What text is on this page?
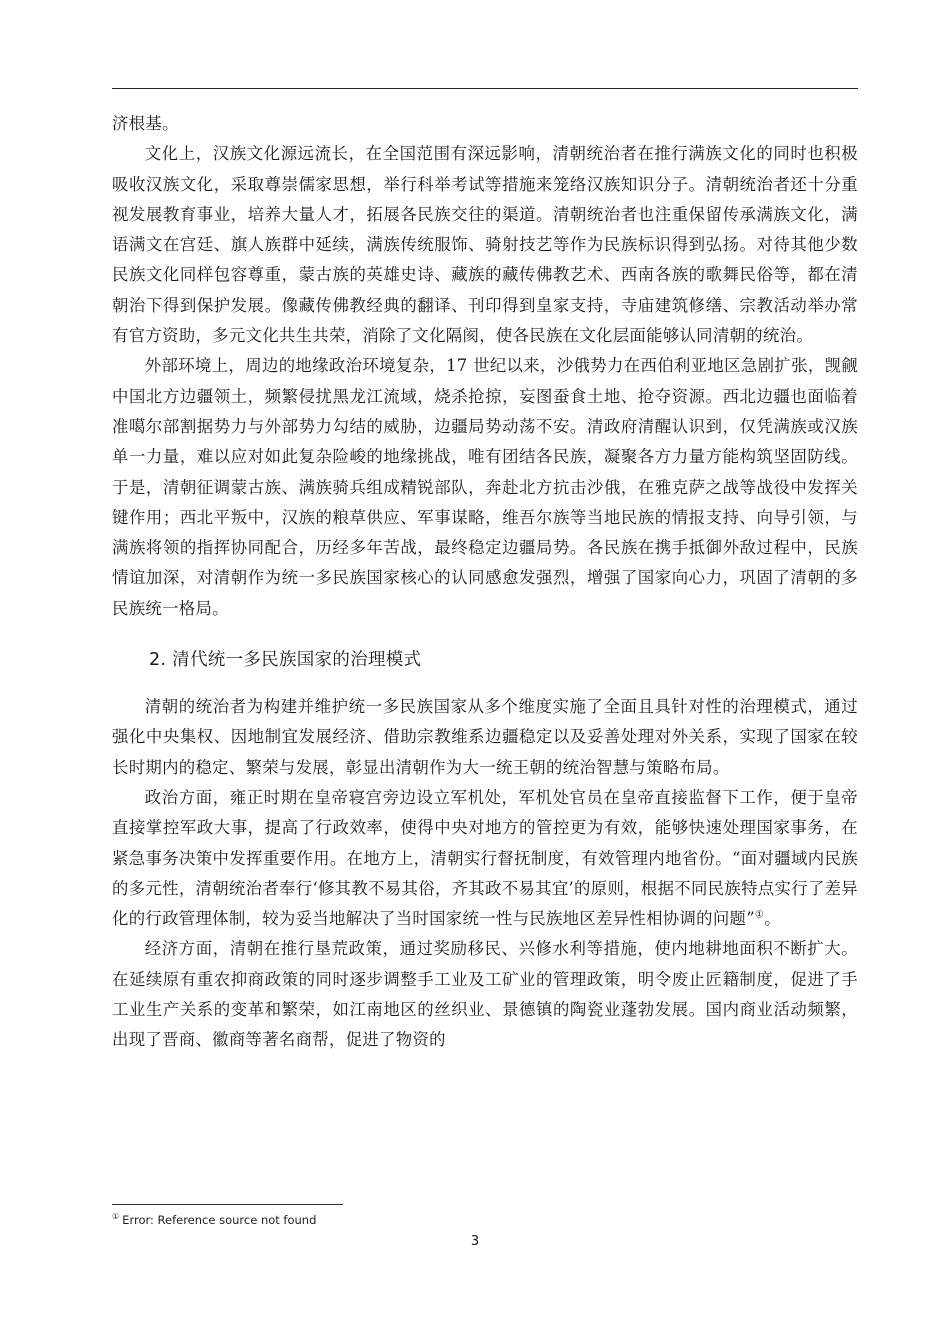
济根基。

文化上，汉族文化源远流长，在全国范围有深远影响，清朝统治者在推行满族文化的同时也积极吸收汉族文化，采取尊崇儒家思想，举行科举考试等措施来笼络汉族知识分子。清朝统治者还十分重视发展教育事业，培养大量人才，拓展各民族交往的渠道。清朝统治者也注重保留传承满族文化，满语满文在宫廷、旗人族群中延续，满族传统服饰、骑射技艺等作为民族标识得到弘扬。对待其他少数民族文化同样包容尊重，蒙古族的英雄史诗、藏族的藏传佛教艺术、西南各族的歌舞民俗等，都在清朝治下得到保护发展。像藏传佛教经典的翻译、刊印得到皇家支持，寺庙建筑修缮、宗教活动举办常有官方资助，多元文化共生共荣，消除了文化隔阂，使各民族在文化层面能够认同清朝的统治。

外部环境上，周边的地缘政治环境复杂，17 世纪以来，沙俄势力在西伯利亚地区急剧扩张，觊觎中国北方边疆领土，频繁侵扰黑龙江流域，烧杀抢掠，妄图蚕食土地、抢夺资源。西北边疆也面临着准噶尔部割据势力与外部势力勾结的威胁，边疆局势动荡不安。清政府清醒认识到，仅凭满族或汉族单一力量，难以应对如此复杂险峻的地缘挑战，唯有团结各民族，凝聚各方力量方能构筑坚固防线。于是，清朝征调蒙古族、满族骑兵组成精锐部队，奔赴北方抗击沙俄，在雅克萨之战等战役中发挥关键作用；西北平叛中，汉族的粮草供应、军事谋略，维吾尔族等当地民族的情报支持、向导引领，与满族将领的指挥协同配合，历经多年苦战，最终稳定边疆局势。各民族在携手抵御外敌过程中，民族情谊加深，对清朝作为统一多民族国家核心的认同感愈发强烈，增强了国家向心力，巩固了清朝的多民族统一格局。

2. 清代统一多民族国家的治理模式

清朝的统治者为构建并维护统一多民族国家从多个维度实施了全面且具针对性的治理模式，通过强化中央集权、因地制宜发展经济、借助宗教维系边疆稳定以及妥善处理对外关系，实现了国家在较长时期内的稳定、繁荣与发展，彰显出清朝作为大一统王朝的统治智慧与策略布局。

政治方面，雍正时期在皇帝寝宫旁边设立军机处，军机处官员在皇帝直接监督下工作，便于皇帝直接掌控军政大事，提高了行政效率，使得中央对地方的管控更为有效，能够快速处理国家事务，在紧急事务决策中发挥重要作用。在地方上，清朝实行督抚制度，有效管理内地省份。“面对疆域内民族的多元性，清朝统治者奉行‘修其教不易其俗，齐其政不易其宜’的原则，根据不同民族特点实行了差异化的行政管理体制，较为妥当地解决了当时国家统一性与民族地区差异性相协调的问题”①。

经济方面，清朝在推行垦荒政策，通过奖励移民、兴修水利等措施，使内地耕地面积不断扩大。在延续原有重农抑商政策的同时逐步调整手工业及工矿业的管理政策，明令废止匠籍制度，促进了手工业生产关系的变革和繁荣，如江南地区的丝织业、景德镇的陶瓷业蓬勃发展。国内商业活动频繁，出现了晋商、徽商等著名商帮，促进了物资的

① Error: Reference source not found
3
